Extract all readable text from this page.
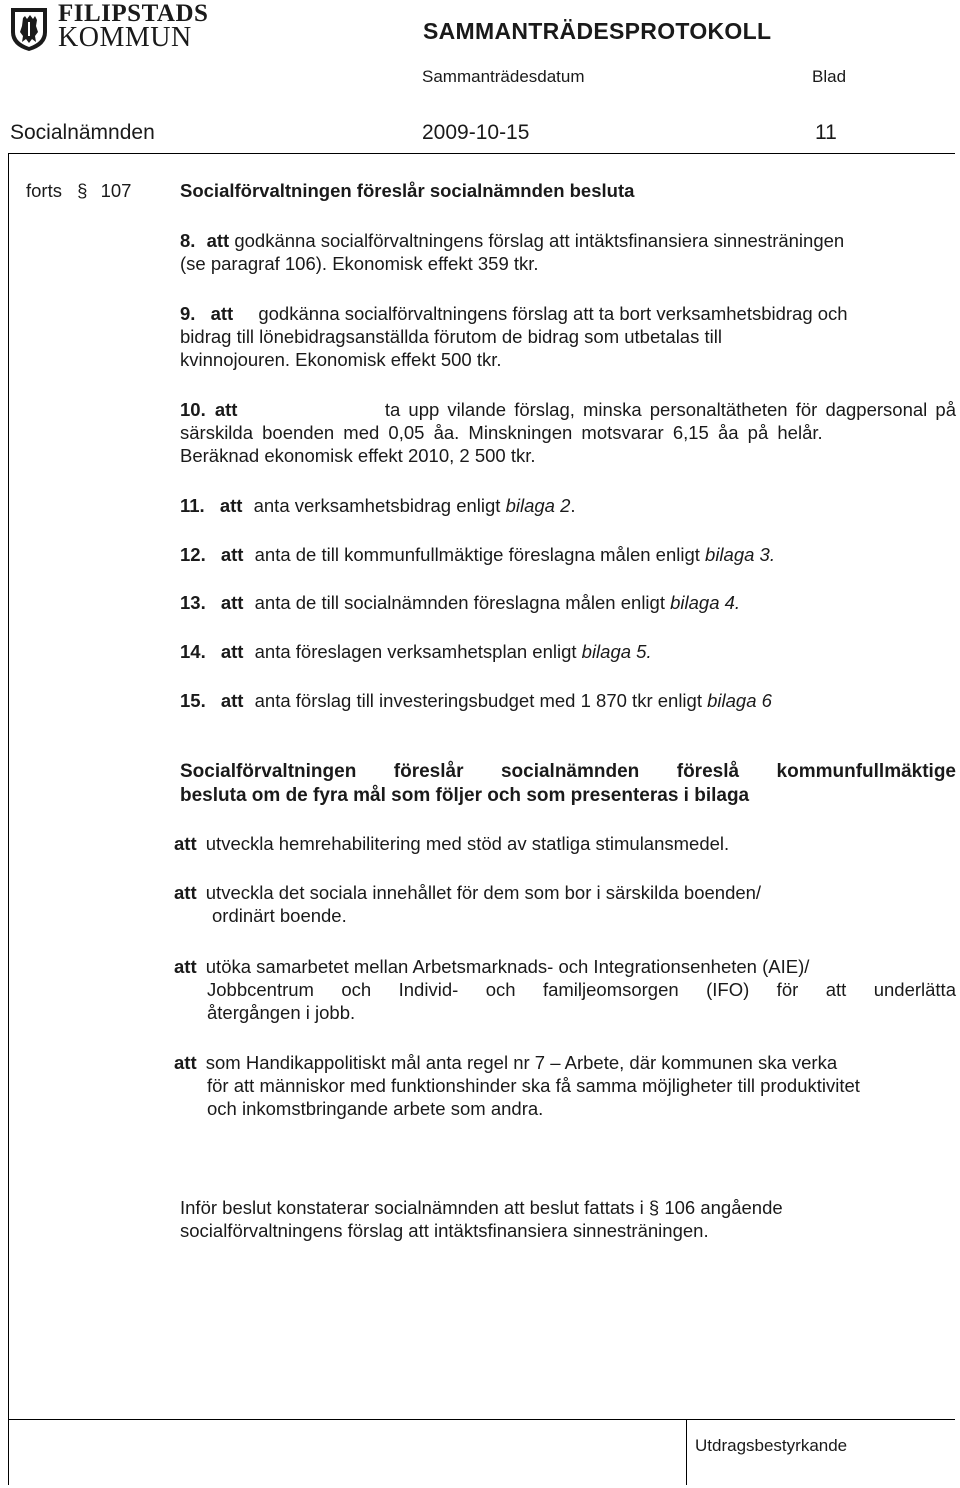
FILIPSTADS
KOMMUN	SAMMANTRÄDESPROTOKOLL
Sammanträdesdatum	Blad
Socialnämnden	2009-10-15	11
forts § 107	Socialförvaltningen föreslår socialnämnden besluta
8. att godkänna socialförvaltningens förslag att intäktsfinansiera sinnesträningen
(se paragraf 106). Ekonomisk effekt 359 tkr.
9. att godkänna socialförvaltningens förslag att ta bort verksamhetsbidrag och
bidrag till lönebidragsanställda förutom de bidrag som utbetalas till
kvinnojouren. Ekonomisk effekt 500 tkr.
10. att	ta upp vilande förslag, minska personaltätheten för dagpersonal på
särskilda boenden med 0,05 åa. Minskningen motsvarar 6,15 åa på helår.
Beräknad ekonomisk effekt 2010, 2 500 tkr.
11. att anta verksamhetsbidrag enligt bilaga 2.
12. att anta de till kommunfullmäktige föreslagna målen enligt bilaga 3.
13. att anta de till socialnämnden föreslagna målen enligt bilaga 4.
14. att anta föreslagen verksamhetsplan enligt bilaga 5.
15. att anta förslag till investeringsbudget med 1 870 tkr enligt bilaga 6
Socialförvaltningen föreslår socialnämnden föreslå kommunfullmäktige
besluta om de fyra mål som följer och som presenteras i bilaga
att utveckla hemrehabilitering med stöd av statliga stimulansmedel.
att utveckla det sociala innehållet för dem som bor i särskilda boenden/
ordinärt boende.
att utöka samarbetet mellan Arbetsmarknads- och Integrationsenheten (AIE)/
Jobbcentrum och Individ- och familjeomsorgen (IFO) för att underlätta
återgången i jobb.
att som Handikappolitiskt mål anta regel nr 7 – Arbete, där kommunen ska verka
för att människor med funktionshinder ska få samma möjligheter till produktivitet
och inkomstbringande arbete som andra.
Inför beslut konstaterar socialnämnden att beslut fattats i § 106 angående
socialförvaltningens förslag att intäktsfinansiera sinnesträningen.
Utdragsbestyrkande
